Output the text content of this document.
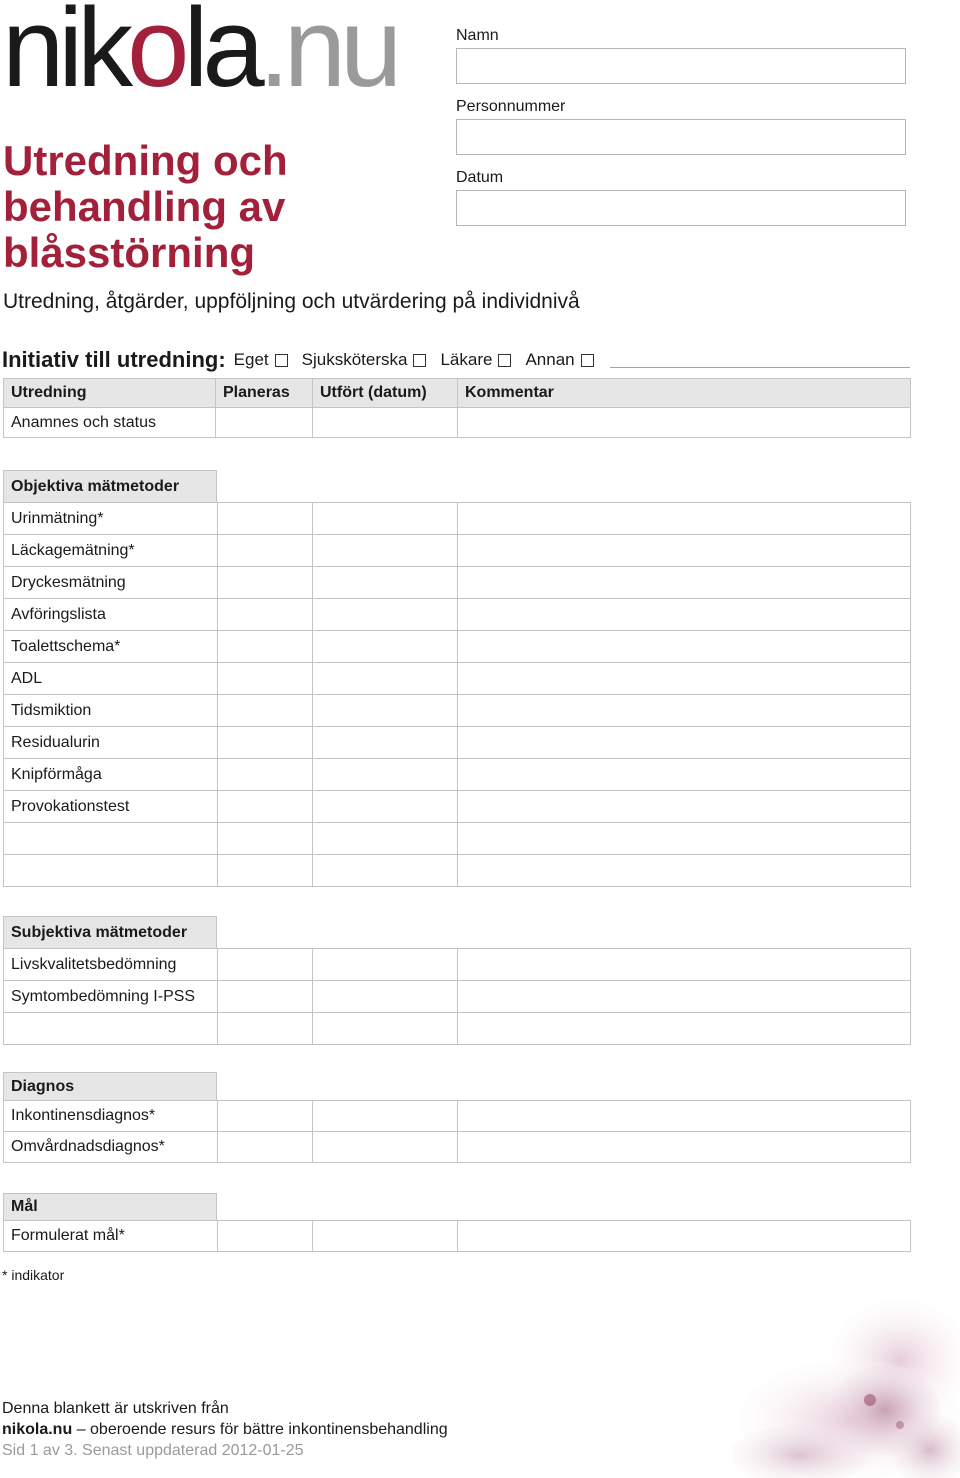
nikola.nu
Utredning och behandling av blåsstörning
Utredning, åtgärder, uppföljning och utvärdering på individnivå
Namn
Personnummer
Datum
Initiativ till utredning: Eget Sjuksköterska Läkare Annan
Utredning	Planeras	Utfört (datum)	Kommentar
Anamnes och status			
Objektiva mätmetoder
Urinmätning*			
Läckagemätning*			
Dryckesmätning			
Avföringslista			
Toalettschema*			
ADL			
Tidsmiktion			
Residualurin			
Knipförmåga			
Provokationstest			

Subjektiva mätmetoder
Livskvalitetsbedömning			
Symtombedömning I-PSS			

Diagnos
Inkontinensdiagnos*			
Omvårdnadsdiagnos*			
Mål
Formulerat mål*			
* indikator
Denna blankett är utskriven från
nikola.nu – oberoende resurs för bättre inkontinensbehandling
Sid 1 av 3. Senast uppdaterad 2012-01-25
